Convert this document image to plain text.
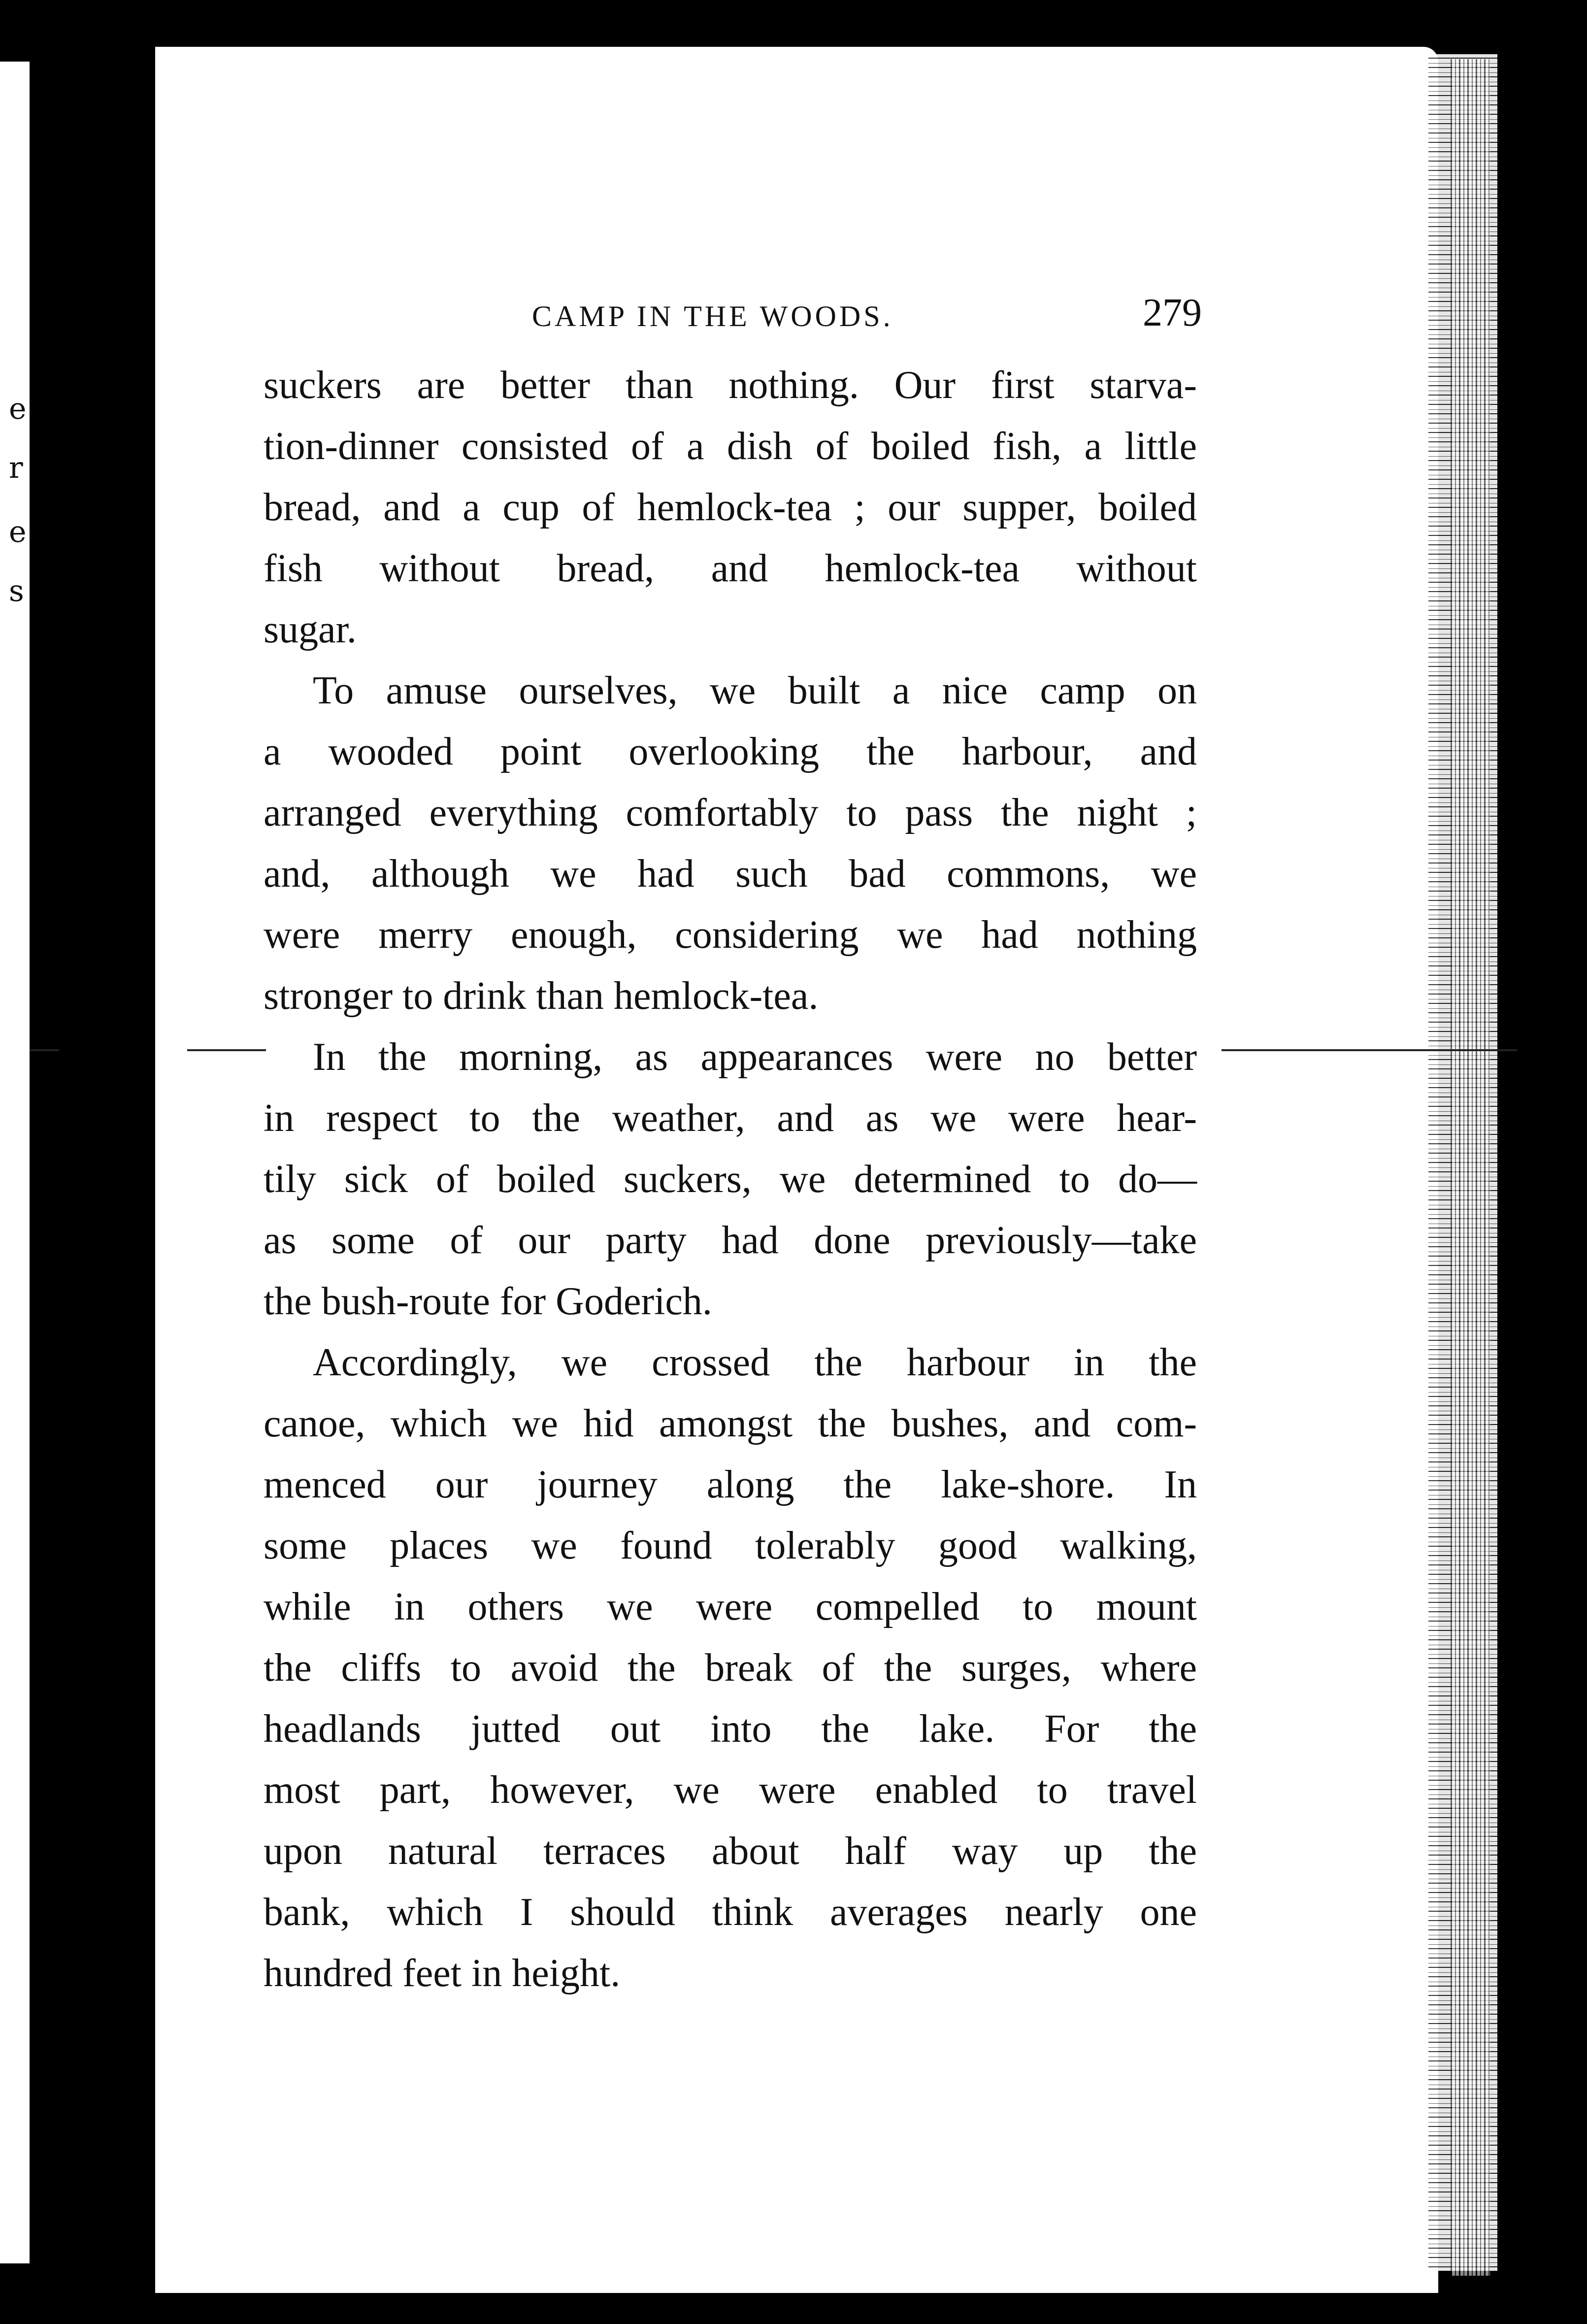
e
r
e
s
CAMP IN THE WOODS.	279

suckers are better than nothing. Our first starva-
tion-dinner consisted of a dish of boiled fish, a little
bread, and a cup of hemlock-tea ; our supper, boiled
fish without bread, and hemlock-tea without
sugar.

To amuse ourselves, we built a nice camp on
a wooded point overlooking the harbour, and
arranged everything comfortably to pass the night ;
and, although we had such bad commons, we
were merry enough, considering we had nothing
stronger to drink than hemlock-tea.

In the morning, as appearances were no better
in respect to the weather, and as we were hear-
tily sick of boiled suckers, we determined to do—
as some of our party had done previously—take
the bush-route for Goderich.

Accordingly, we crossed the harbour in the
canoe, which we hid amongst the bushes, and com-
menced our journey along the lake-shore. In
some places we found tolerably good walking,
while in others we were compelled to mount
the cliffs to avoid the break of the surges, where
headlands jutted out into the lake. For the
most part, however, we were enabled to travel
upon natural terraces about half way up the
bank, which I should think averages nearly one
hundred feet in height.
